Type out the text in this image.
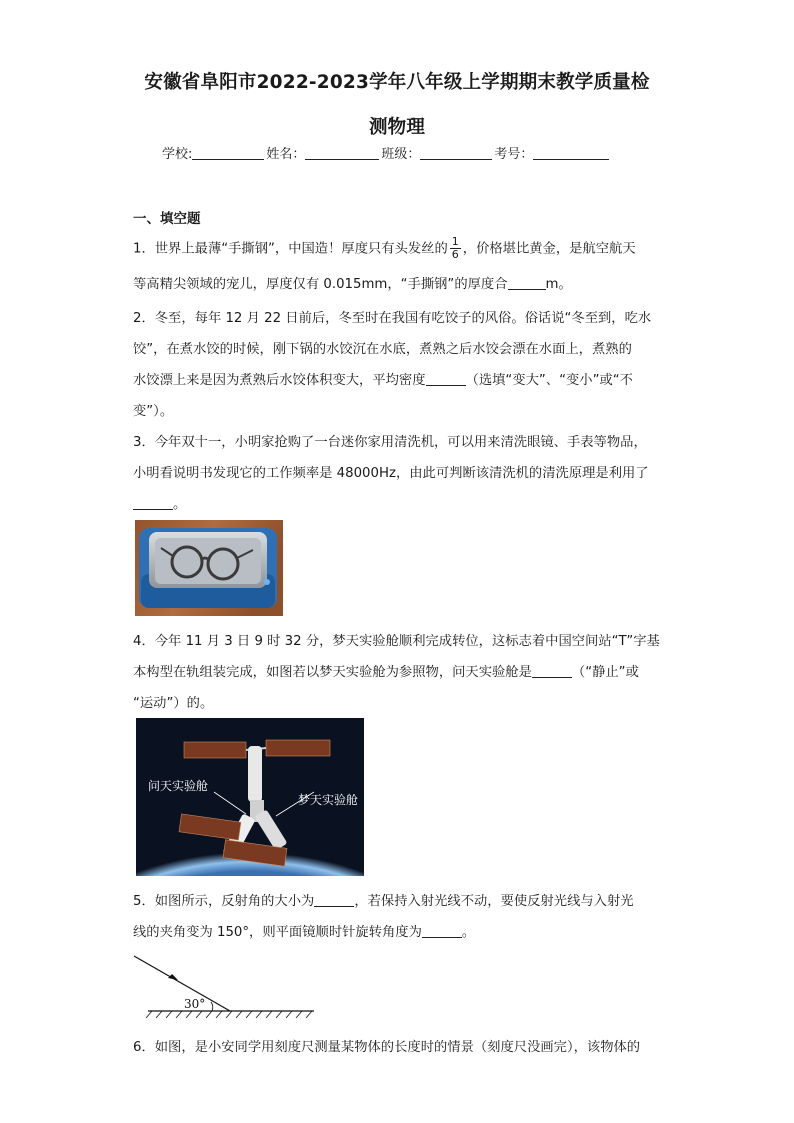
安徽省阜阳市2022-2023学年八年级上学期期末教学质量检
测物理
学校:	姓名：	班级：	考号：
一、填空题
1．世界上最薄“手撕钢”，中国造！厚度只有头发丝的 $\frac{1}{6}$ ，价格堪比黄金，是航空航天
等高精尖领域的宠儿，厚度仅有 0.015mm，“手撕钢”的厚度合	m。
2．冬至，每年 12 月 22 日前后，冬至时在我国有吃饺子的风俗。俗话说“冬至到，吃水
饺”，在煮水饺的时候，刚下锅的水饺沉在水底，煮熟之后水饺会漂在水面上，煮熟的
水饺漂上来是因为煮熟后水饺体积变大，平均密度	（选填“变大”、“变小”或“不
变”）。
3．今年双十一，小明家抢购了一台迷你家用清洗机，可以用来清洗眼镜、手表等物品，
小明看说明书发现它的工作频率是 48000Hz，由此可判断该清洗机的清洗原理是利用了
。
4．今年 11 月 3 日 9 时 32 分，梦天实验舱顺利完成转位，这标志着中国空间站“T”字基
本构型在轨组装完成，如图若以梦天实验舱为参照物，问天实验舱是	（“静止”或
“运动”）的。
问天实验舱
梦天实验舱
5．如图所示，反射角的大小为	，若保持入射光线不动，要使反射光线与入射光
线的夹角变为 150°，则平面镜顺时针旋转角度为	。
30°
6．如图，是小安同学用刻度尺测量某物体的长度时的情景（刻度尺没画完），该物体的
